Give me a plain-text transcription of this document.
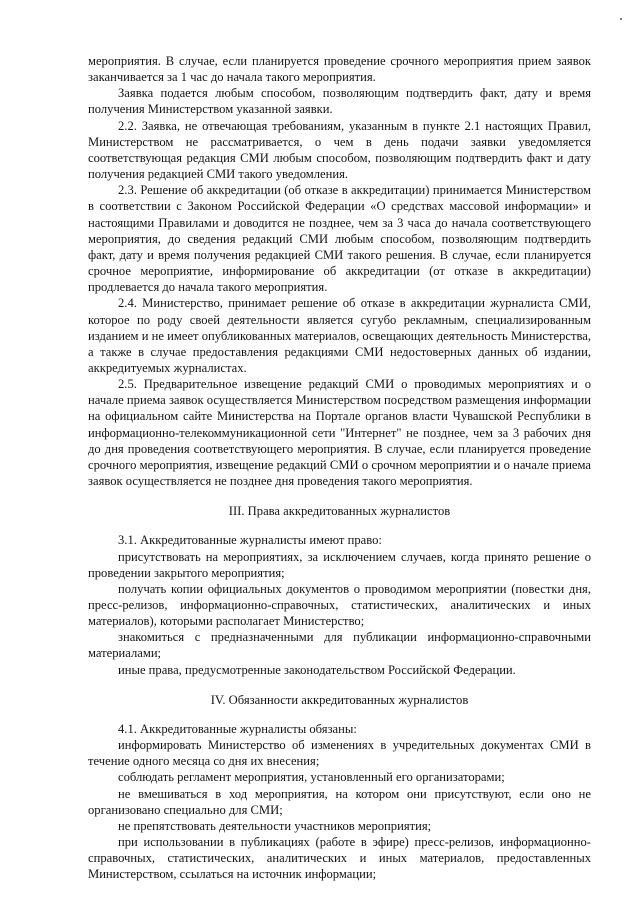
мероприятия. В случае, если планируется проведение срочного мероприятия прием заявок заканчивается за 1 час до начала такого мероприятия.

Заявка подается любым способом, позволяющим подтвердить факт, дату и время получения Министерством указанной заявки.

2.2. Заявка, не отвечающая требованиям, указанным в пункте 2.1 настоящих Правил, Министерством не рассматривается, о чем в день подачи заявки уведомляется соответствующая редакция СМИ любым способом, позволяющим подтвердить факт и дату получения редакцией СМИ такого уведомления.

2.3. Решение об аккредитации (об отказе в аккредитации) принимается Министерством в соответствии с Законом Российской Федерации «О средствах массовой информации» и настоящими Правилами и доводится не позднее, чем за 3 часа до начала соответствующего мероприятия, до сведения редакций СМИ любым способом, позволяющим подтвердить факт, дату и время получения редакцией СМИ такого решения. В случае, если планируется срочное мероприятие, информирование об аккредитации (от отказе в аккредитации) продлевается до начала такого мероприятия.

2.4. Министерство, принимает решение об отказе в аккредитации журналиста СМИ, которое по роду своей деятельности является сугубо рекламным, специализированным изданием и не имеет опубликованных материалов, освещающих деятельность Министерства, а также в случае предоставления редакциями СМИ недостоверных данных об издании, аккредитуемых журналистах.

2.5. Предварительное извещение редакций СМИ о проводимых мероприятиях и о начале приема заявок осуществляется Министерством посредством размещения информации на официальном сайте Министерства на Портале органов власти Чувашской Республики в информационно-телекоммуникационной сети "Интернет" не позднее, чем за 3 рабочих дня до дня проведения соответствующего мероприятия. В случае, если планируется проведение срочного мероприятия, извещение редакций СМИ о срочном мероприятии и о начале приема заявок осуществляется не позднее дня проведения такого мероприятия.

III. Права аккредитованных журналистов

3.1. Аккредитованные журналисты имеют право:

присутствовать на мероприятиях, за исключением случаев, когда принято решение о проведении закрытого мероприятия;

получать копии официальных документов о проводимом мероприятии (повестки дня, пресс-релизов, информационно-справочных, статистических, аналитических и иных материалов), которыми располагает Министерство;

знакомиться с предназначенными для публикации информационно-справочными материалами;

иные права, предусмотренные законодательством Российской Федерации.

IV. Обязанности аккредитованных журналистов

4.1. Аккредитованные журналисты обязаны:

информировать Министерство об изменениях в учредительных документах СМИ в течение одного месяца со дня их внесения;

соблюдать регламент мероприятия, установленный его организаторами;

не вмешиваться в ход мероприятия, на котором они присутствуют, если оно не организовано специально для СМИ;

не препятствовать деятельности участников мероприятия;

при использовании в публикациях (работе в эфире) пресс-релизов, информационно-справочных, статистических, аналитических и иных материалов, предоставленных Министерством, ссылаться на источник информации;
